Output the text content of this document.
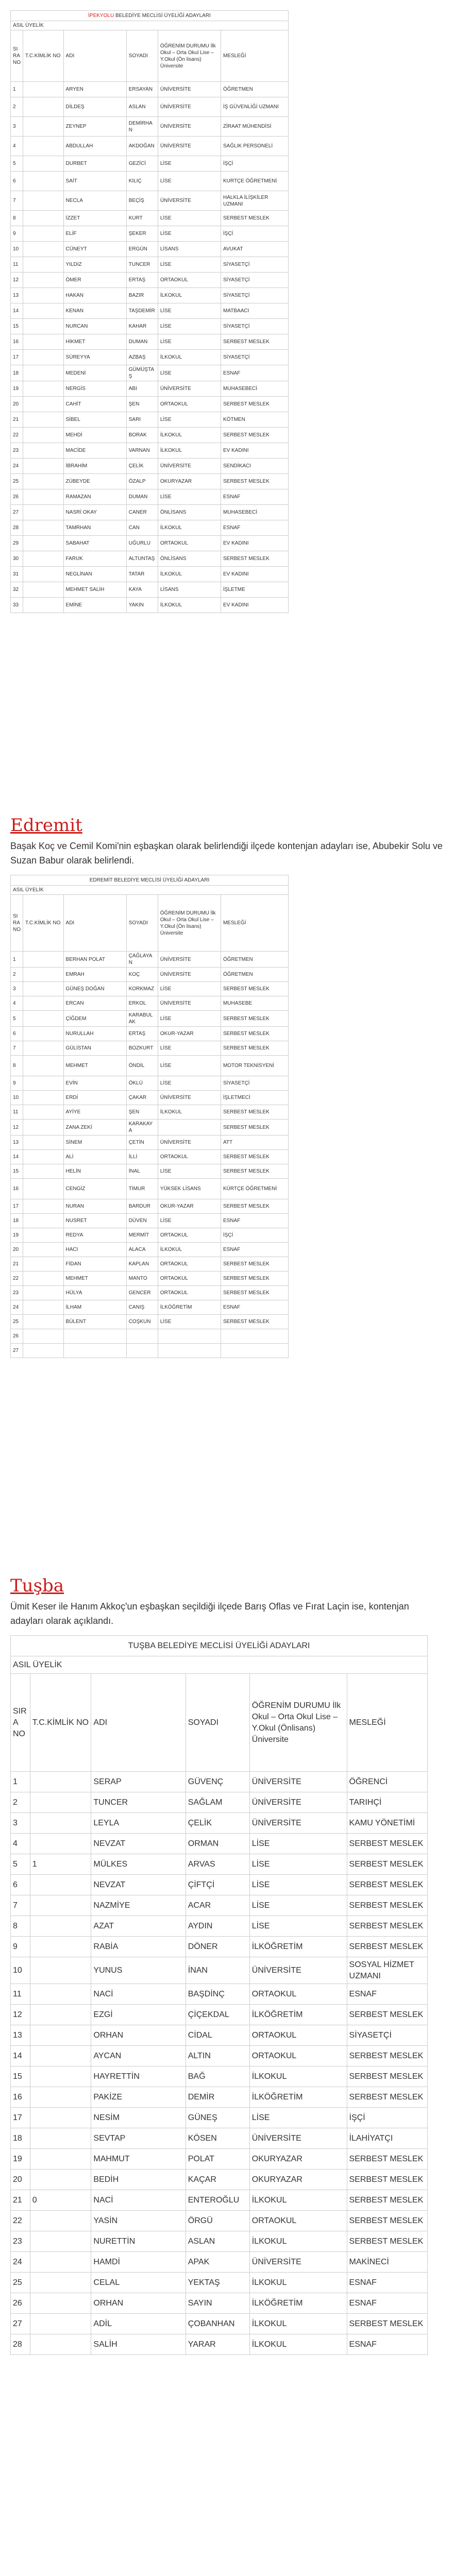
İPEKYOLU BELEDİYE MECLİSİ ÜYELİĞİ ADAYLARI					
ASIL ÜYELİK					
SIRA NO	T.C.KİMLİK NO	ADI	SOYADI	ÖĞRENİM DURUMU İlk Okul – Orta Okul Lise – Y.Okul (Ön lisans) Üniversite	MESLEĞİ
1		ARYEN	ERSAYAN	ÜNİVERSİTE	ÖĞRETMEN
2		DİLDEŞ	ASLAN	ÜNİVERSİTE	İŞ GÜVENLİĞİ UZMANI
3		ZEYNEP	DEMİRHAN	ÜNİVERSİTE	ZİRAAT MÜHENDİSİ
4		ABDULLAH	AKDOĞAN	ÜNİVERSİTE	SAĞLIK PERSONELİ
5		DURBET	GEZİCİ	LİSE	İŞÇİ
6		SAİT	KILIÇ	LİSE	KURTÇE ÖĞRETMENİ
7		NECLA	BEÇİŞ	ÜNİVERSİTE	HALKLA İLİŞKİLER UZMANI
8		İZZET	KURT	LİSE	SERBEST MESLEK
9		ELİF	ŞEKER	LİSE	İŞÇİ
10		CÜNEYT	ERGÜN	LİSANS	AVUKAT
11		YILDIZ	TUNCER	LİSE	SİYASETÇİ
12		ÖMER	ERTAŞ	ORTAOKUL	SİYASETÇİ
13		HAKAN	BAZIR	İLKOKUL	SİYASETÇİ
14		KENAN	TAŞDEMİR	LİSE	MATBAACI
15		NURCAN	KAHAR	LİSE	SİYASETÇİ
16		HİKMET	DUMAN	LİSE	SERBEST MESLEK
17		SÜREYYA	AZBAŞ	İLKOKUL	SİYASETÇİ
18		MEDENİ	GÜMÜŞTAŞ	LİSE	ESNAF
19		NERGİS	ABI	ÜNİVERSİTE	MUHASEBECİ
20		CAHİT	ŞEN	ORTAOKUL	SERBEST MESLEK
21		SİBEL	SARI	LİSE	KÖTMEN
22		MEHDİ	BORAK	İLKOKUL	SERBEST MESLEK
23		MACİDE	VARNAN	İLKOKUL	EV KADINI
24		İBRAHİM	ÇELİK	ÜNİVERSİTE	SENDİKACI
25		ZÜBEYDE	ÖZALP	OKURYAZAR	SERBEST MESLEK
26		RAMAZAN	DUMAN	LİSE	ESNAF
27		NASRİ OKAY	CANER	ÖNLİSANS	MUHASEBECİ
28		TAMRHAN	CAN	İLKOKUL	ESNAF
29		SABAHAT	UĞURLU	ORTAOKUL	EV KADINI
30		FARUK	ALTUNTAŞ	ÖNLİSANS	SERBEST MESLEK
31		NEGLİNAN	TATAR	İLKOKUL	EV KADINI
32		MEHMET SALİH	KAYA	LİSANS	İŞLETME
33		EMİNE	YAKIN	İLKOKUL	EV KADINI
Edremit

Başak Koç ve Cemil Komi'nin eşbaşkan olarak belirlendiği ilçede kontenjan adayları ise, Abubekir Solu ve Suzan Babur olarak belirlendi.

EDREMİT BELEDİYE MECLİSİ ÜYELİĞİ ADAYLARI					
ASIL ÜYELİK					
SIRA NO	T.C.KİMLİK NO	ADI	SOYADI	ÖĞRENİM DURUMU İlk Okul – Orta Okul Lise – Y.Okul (Ön lisans) Üniversite	MESLEĞİ
1		BERHAN POLAT	ÇAĞLAYAN	ÜNİVERSİTE	ÖĞRETMEN
2		EMRAH	KOÇ	ÜNİVERSİTE	ÖĞRETMEN
3		GÜNEŞ DOĞAN	KORKMAZ	LİSE	SERBEST MESLEK
4		ERCAN	ERKOL	ÜNİVERSİTE	MUHASEBE
5		ÇİĞDEM	KARABULAK	LİSE	SERBEST MESLEK
6		NURULLAH	ERTAŞ	OKUR-YAZAR	SERBEST MESLEK
7		GÜLİSTAN	BOZKURT	LİSE	SERBEST MESLEK
8		MEHMET	ÖNDİL	LİSE	MOTOR TEKNİSYENİ
9		EVİN	ÖKLÜ	LİSE	SİYASETÇİ
10		ERDİ	ÇAKAR	ÜNİVERSİTE	İŞLETMECİ
11		AYİYE	ŞEN	İLKOKUL	SERBEST MESLEK
12		ZANA ZEKİ	KARAKAYA		SERBEST MESLEK
13		SİNEM	ÇETİN	ÜNİVERSİTE	ATT
14		ALİ	İLLİ	ORTAOKUL	SERBEST MESLEK
15		HELİN	İNAL	LİSE	SERBEST MESLEK
16		CENGİZ	TİMUR	YÜKSEK LİSANS	KÜRTÇE ÖĞRETMENİ
17		NURAN	BARDUR	OKUR-YAZAR	SERBEST MESLEK
18		NUSRET	DÜVEN	LİSE	ESNAF
19		REDYA	MERMİT	ORTAOKUL	İŞÇİ
20		HACI	ALACA	İLKOKUL	ESNAF
21		FİDAN	KAPLAN	ORTAOKUL	SERBEST MESLEK
22		MEHMET	MANTO	ORTAOKUL	SERBEST MESLEK
23		HÜLYA	GENCER	ORTAOKUL	SERBEST MESLEK
24		İLHAM	CANIŞ	İLKÖĞRETİM	ESNAF
25		BÜLENT	COŞKUN	LİSE	SERBEST MESLEK
26					
27					
Tuşba

Ümit Keser ile Hanım Akkoç'un eşbaşkan seçildiği ilçede Barış Oflas ve Fırat Laçin ise, kontenjan adayları olarak açıklandı.

TUŞBA BELEDİYE MECLİSİ ÜYELİĞİ ADAYLARI					
ASIL ÜYELİK					
SIRA NO	T.C.KİMLİK NO	ADI	SOYADI	ÖĞRENİM DURUMU İlk Okul – Orta Okul Lise – Y.Okul (Önlisans) Üniversite	MESLEĞİ
1		SERAP	GÜVENÇ	ÜNİVERSİTE	ÖĞRENCİ
2		TUNCER	SAĞLAM	ÜNİVERSİTE	TARIHÇİ
3		LEYLA	ÇELİK	ÜNİVERSİTE	KAMU YÖNETİMİ
4		NEVZAT	ORMAN	LİSE	SERBEST MESLEK
5	1	MÜLKES	ARVAS	LİSE	SERBEST MESLEK
6		NEVZAT	ÇİFTÇİ	LİSE	SERBEST MESLEK
7		NAZMİYE	ACAR	LİSE	SERBEST MESLEK
8		AZAT	AYDIN	LİSE	SERBEST MESLEK
9		RABİA	DÖNER	İLKÖĞRETİM	SERBEST MESLEK
10		YUNUS	İNAN	ÜNİVERSİTE	SOSYAL HİZMET UZMANI
11		NACİ	BAŞDİNÇ	ORTAOKUL	ESNAF
12		EZGİ	ÇİÇEKDAL	İLKÖĞRETİM	SERBEST MESLEK
13		ORHAN	CİDAL	ORTAOKUL	SİYASETÇİ
14		AYCAN	ALTIN	ORTAOKUL	SERBEST MESLEK
15		HAYRETTİN	BAĞ	İLKOKUL	SERBEST MESLEK
16		PAKİZE	DEMİR	İLKÖĞRETİM	SERBEST MESLEK
17		NESİM	GÜNEŞ	LİSE	İŞÇİ
18		SEVTAP	KÖSEN	ÜNİVERSİTE	İLAHİYATÇI
19		MAHMUT	POLAT	OKURYAZAR	SERBEST MESLEK
20		BEDİH	KAÇAR	OKURYAZAR	SERBEST MESLEK
21	0	NACİ	ENTEROĞLU	İLKOKUL	SERBEST MESLEK
22		YASİN	ÖRGÜ	ORTAOKUL	SERBEST MESLEK
23		NURETTİN	ASLAN	İLKOKUL	SERBEST MESLEK
24		HAMDİ	APAK	ÜNİVERSİTE	MAKİNECİ
25		CELAL	YEKTAŞ	İLKOKUL	ESNAF
26		ORHAN	SAYIN	İLKÖĞRETİM	ESNAF
27		ADİL	ÇOBANHAN	İLKOKUL	SERBEST MESLEK
28		SALİH	YARAR	İLKOKUL	ESNAF
